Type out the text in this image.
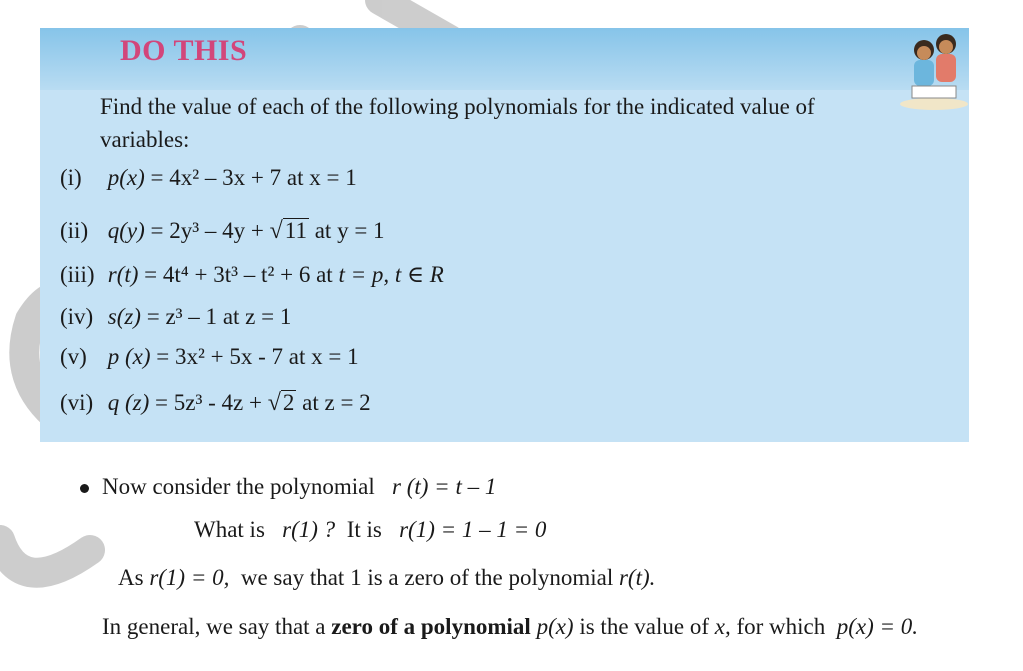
DO THIS
Find the value of each of the following polynomials for the indicated value of variables:
(i) p(x) = 4x² – 3x + 7 at x = 1
(ii) q(y) = 2y³ – 4y + √11 at y = 1
(iii) r(t) = 4t⁴ + 3t³ – t² + 6 at t = p, t ∈ R
(iv) s(z) = z³ – 1 at z = 1
(v) p (x) = 3x² + 5x - 7 at x = 1
(vi) q (z) = 5z³ - 4z + √2 at z = 2
Now consider the polynomial r (t) = t – 1
What is r(1) ? It is r(1) = 1 – 1 = 0
As r(1) = 0, we say that 1 is a zero of the polynomial r(t).
In general, we say that a zero of a polynomial p(x) is the value of x, for which p(x) = 0.
